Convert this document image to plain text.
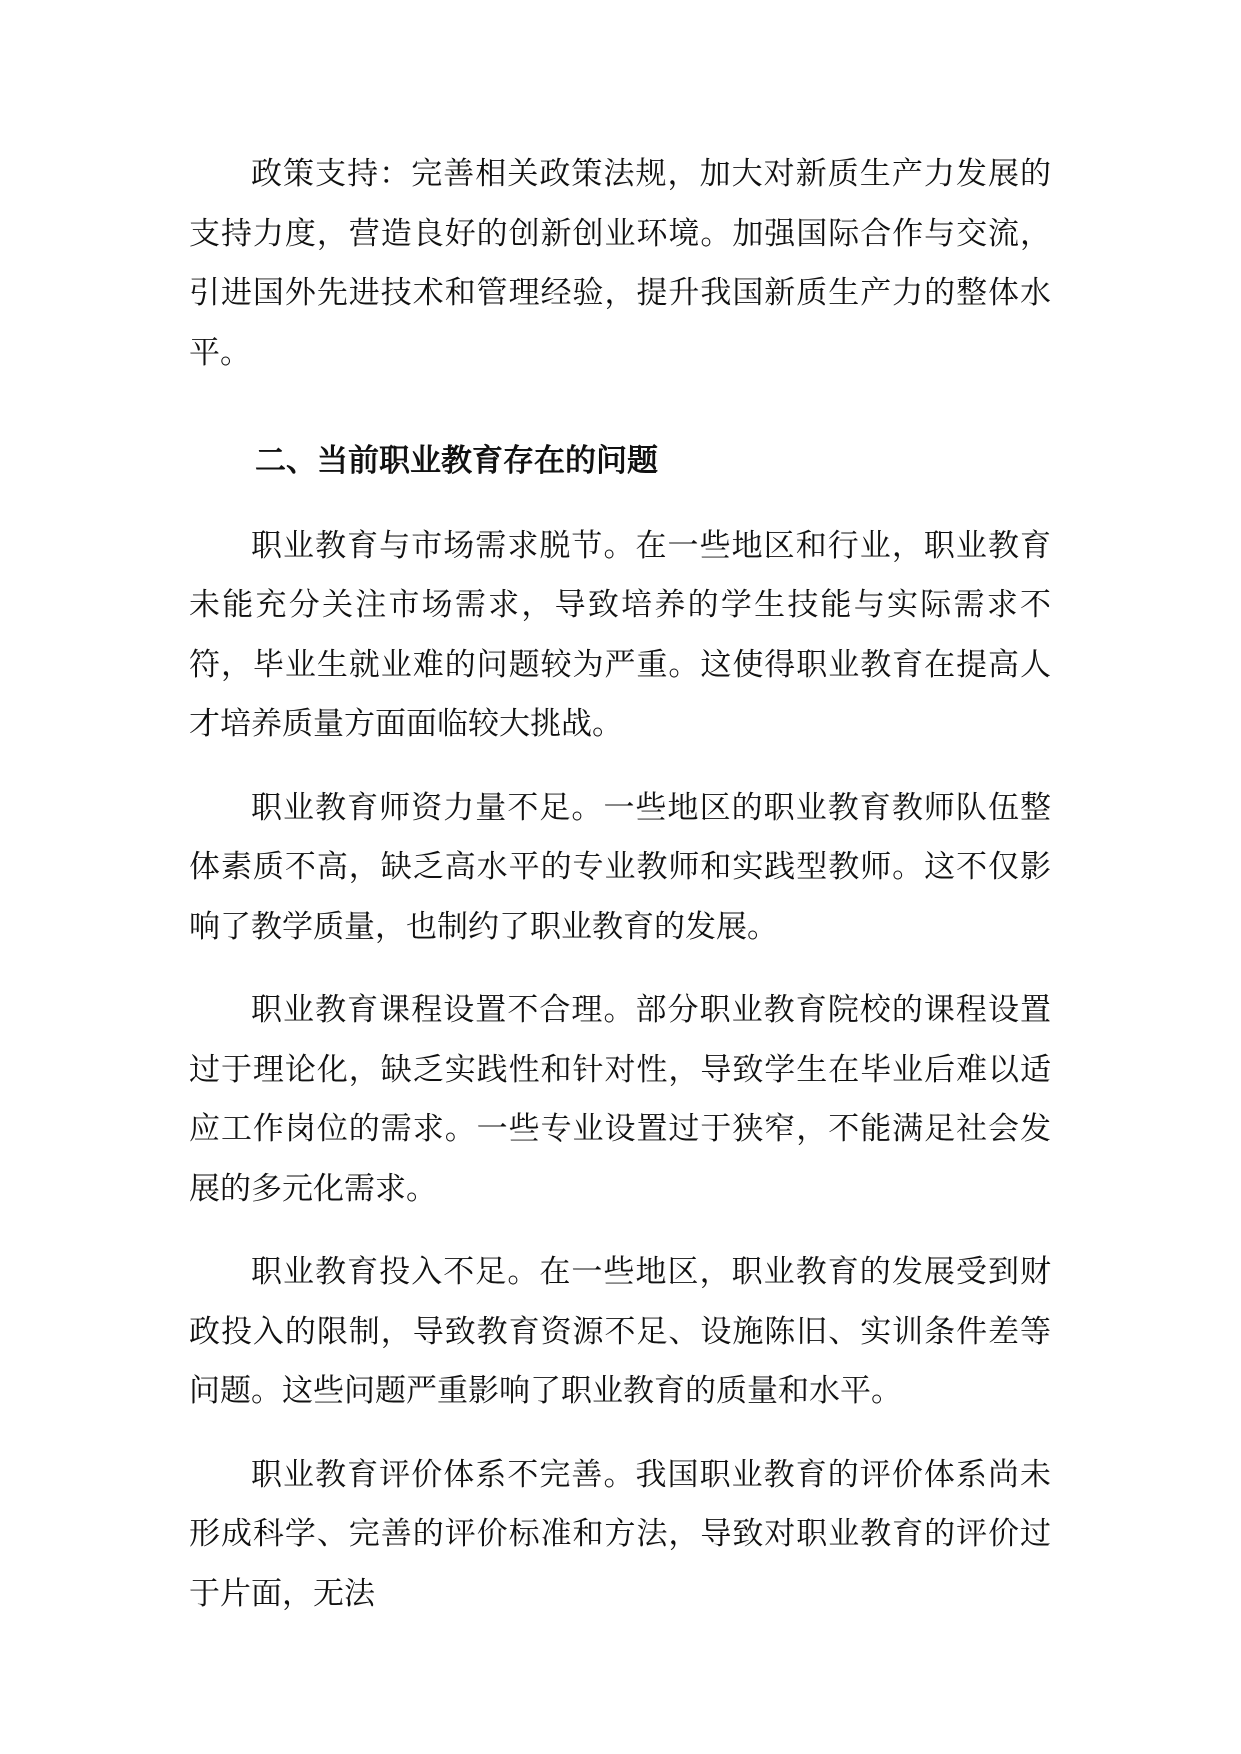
政策支持：完善相关政策法规，加大对新质生产力发展的支持力度，营造良好的创新创业环境。加强国际合作与交流，引进国外先进技术和管理经验，提升我国新质生产力的整体水平。

二、当前职业教育存在的问题

职业教育与市场需求脱节。在一些地区和行业，职业教育未能充分关注市场需求，导致培养的学生技能与实际需求不符，毕业生就业难的问题较为严重。这使得职业教育在提高人才培养质量方面面临较大挑战。

职业教育师资力量不足。一些地区的职业教育教师队伍整体素质不高，缺乏高水平的专业教师和实践型教师。这不仅影响了教学质量，也制约了职业教育的发展。

职业教育课程设置不合理。部分职业教育院校的课程设置过于理论化，缺乏实践性和针对性，导致学生在毕业后难以适应工作岗位的需求。一些专业设置过于狭窄，不能满足社会发展的多元化需求。

职业教育投入不足。在一些地区，职业教育的发展受到财政投入的限制，导致教育资源不足、设施陈旧、实训条件差等问题。这些问题严重影响了职业教育的质量和水平。

职业教育评价体系不完善。我国职业教育的评价体系尚未形成科学、完善的评价标准和方法，导致对职业教育的评价过于片面，无法
